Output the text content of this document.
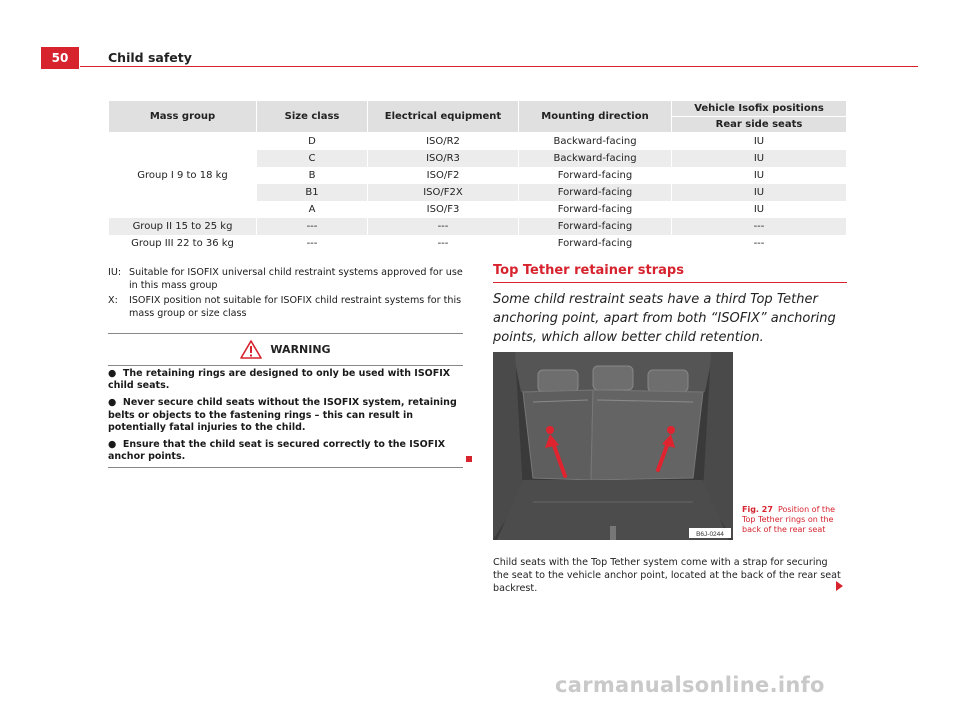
50	Child safety
Mass group	Size class	Electrical equipment	Mounting direction	Vehicle Isofix positions
				Rear side seats
Group I 9 to 18 kg	D	ISO/R2	Backward-facing	IU
	C	ISO/R3	Backward-facing	IU
	B	ISO/F2	Forward-facing	IU
	B1	ISO/F2X	Forward-facing	IU
	A	ISO/F3	Forward-facing	IU
Group II 15 to 25 kg	---	---	Forward-facing	---
Group III 22 to 36 kg	---	---	Forward-facing	---
IU: Suitable for ISOFIX universal child restraint systems approved for use in this mass group
X:	ISOFIX position not suitable for ISOFIX child restraint systems for this mass group or size class
WARNING
●  The retaining rings are designed to only be used with ISOFIX child seats.
●  Never secure child seats without the ISOFIX system, retaining belts or objects to the fastening rings – this can result in potentially fatal injuries to the child.
●  Ensure that the child seat is secured correctly to the ISOFIX anchor points.
Top Tether retainer straps
Some child restraint seats have a third Top Tether anchoring point, apart from both “ISOFIX” anchoring points, which allow better child retention.
B6J-0244
Fig. 27 Position of the Top Tether rings on the back of the rear seat
Child seats with the Top Tether system come with a strap for securing the seat to the vehicle anchor point, located at the back of the rear seat backrest.
carmanualsonline.info
